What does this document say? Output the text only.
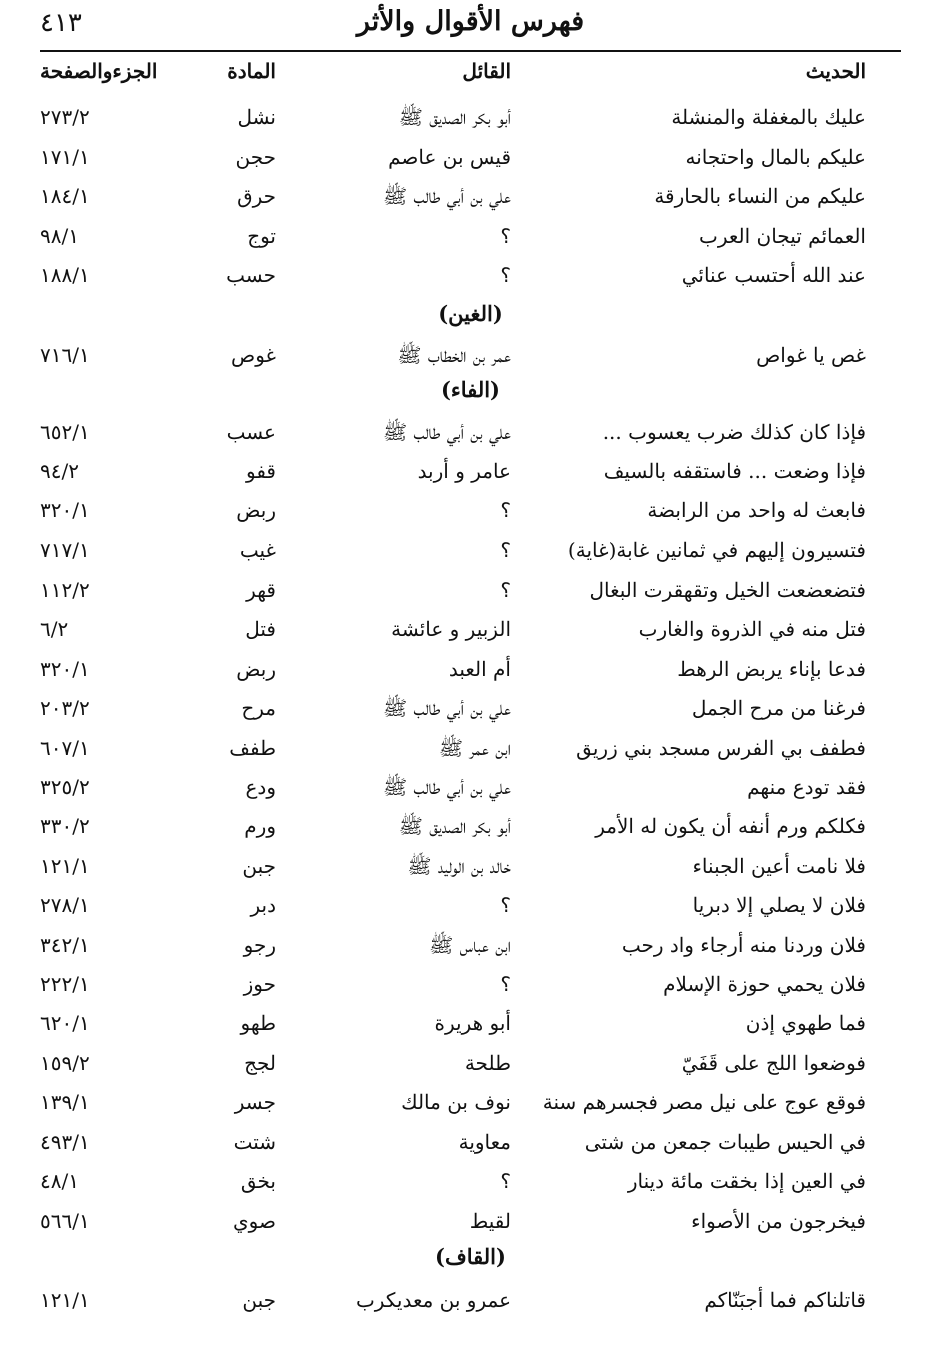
٤١٣	فهرس الأقوال والأثر
الحديث
القائل
المادة
الجزءوالصفحة
عليك بالمغفلة والمنشلة
أبو بكر الصديق ﷺ
نشل
٢٧٣/٢
عليكم بالمال واحتجانه
قيس بن عاصم
حجن
١٧١/١
عليكم من النساء بالحارقة
علي بن أبي طالب ﷺ
حرق
١٨٤/١
العمائم تيجان العرب
؟
توج
٩٨/١
عند الله أحتسب عنائي
؟
حسب
١٨٨/١
(الغين)
غص يا غواص
عمر بن الخطاب ﷺ
غوص
٧١٦/١
(الفاء)
فإذا كان كذلك ضرب يعسوب ...
علي بن أبي طالب ﷺ
عسب
٦٥٢/١
فإذا وضعت ... فاستقفه بالسيف
عامر و أربد
قفو
٩٤/٢
فابعث له واحد من الرابضة
؟
ربض
٣٢٠/١
فتسيرون إليهم في ثمانين غابة(غاية)
؟
غيب
٧١٧/١
فتضعضعت الخيل وتقهقرت البغال
؟
قهر
١١٢/٢
فتل منه في الذروة والغارب
الزبير و عائشة
فتل
٦/٢
فدعا بإناء يربض الرهط
أم العبد
ربض
٣٢٠/١
فرغنا من مرح الجمل
علي بن أبي طالب ﷺ
مرح
٢٠٣/٢
فطفف بي الفرس مسجد بني زريق
ابن عمر ﷺ
طفف
٦٠٧/١
فقد تودع منهم
علي بن أبي طالب ﷺ
ودع
٣٢٥/٢
فكلكم ورم أنفه أن يكون له الأمر
أبو بكر الصديق ﷺ
ورم
٣٣٠/٢
فلا نامت أعين الجبناء
خالد بن الوليد ﷺ
جبن
١٢١/١
فلان لا يصلي إلا دبريا
؟
دبر
٢٧٨/١
فلان وردنا منه أرجاء واد رحب
ابن عباس ﷺ
رجو
٣٤٢/١
فلان يحمي حوزة الإسلام
؟
حوز
٢٢٢/١
فما طهوي إذن
أبو هريرة
طهو
٦٢٠/١
فوضعوا اللج على قَفَيّ
طلحة
لجج
١٥٩/٢
فوقع عوج على نيل مصر فجسرهم سنة
نوف بن مالك
جسر
١٣٩/١
في الحيس طيبات جمعن من شتى
معاوية
شتت
٤٩٣/١
في العين إذا بخقت مائة دينار
؟
بخق
٤٨/١
فيخرجون من الأصواء
لقيط
صوي
٥٦٦/١
(القاف)
قاتلناكم فما أجبَنّاكم
عمرو بن معديكرب
جبن
١٢١/١
